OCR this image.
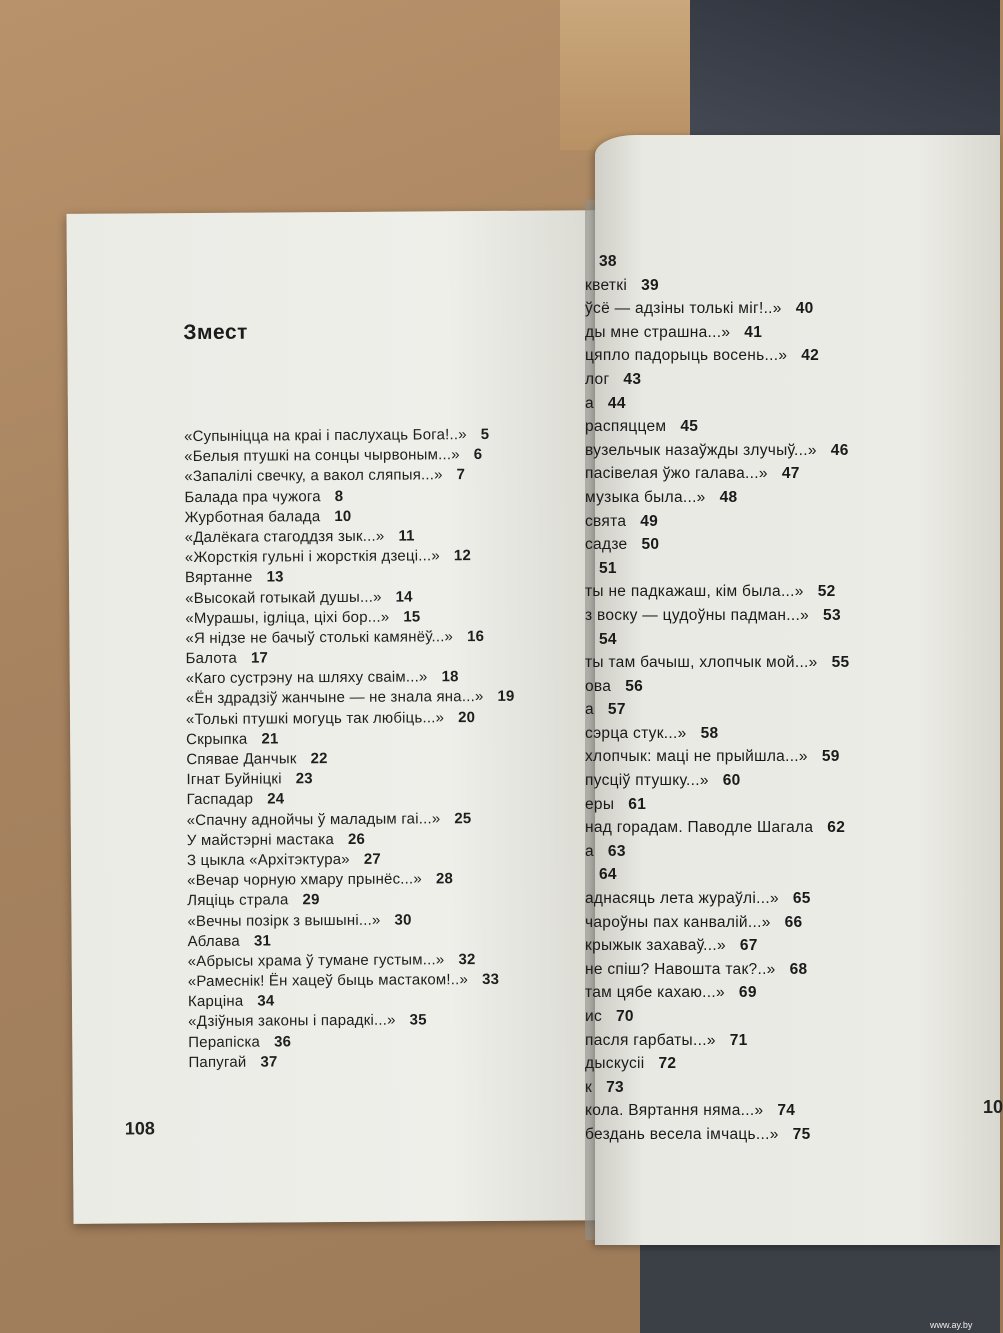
Змест
«Супыніцца на краі і паслухаць Бога!..» 5
«Белыя птушкі на сонцы чырвоным...» 6
«Запалілі свечку, а вакол сляпыя...» 7
Балада пра чужога 8
Журботная балада 10
«Далёкага стагоддзя зык...» 11
«Жорсткія гульні і жорсткія дзеці...» 12
Вяртанне 13
«Высокай готыкай душы...» 14
«Мурашы, igліца, ціхі бор...» 15
«Я нідзе не бачыў столькі камянёў...» 16
Балота 17
«Каго сустрэну на шляху сваім...» 18
«Ён здрадзіў жанчыне — не знала яна...» 19
«Толькі птушкі могуць так любіць...» 20
Скрыпка 21
Спявае Данчык 22
Ігнат Буйніцкі 23
Гаспадар 24
«Спачну аднойчы ў маладым гаі...» 25
У майстэрні мастака 26
З цыкла «Архітэктура» 27
«Вечар чорную хмару прынёс...» 28
Ляціць страла 29
«Вечны позірк з вышыні...» 30
Аблава 31
«Абрысы храма ў тумане густым...» 32
«Рамеснік! Ён хацеў быць мастаком!..» 33
Карціна 34
«Дзіўныя законы і парадкі...» 35
Перапіска 36
Папугай 37
108
38
кветкі 39
ўсё — адзіны толькі міг!..» 40
ды мне страшна...» 41
цяпло падорыць восень...» 42
лог 43
а 44
распяццем 45
вузельчык назаўжды злучыў...» 46
пасівелая ўжо галава...» 47
музыка была...» 48
свята 49
садзе 50
51
ты не падкажаш, кім была...» 52
з воску — цудоўны падман...» 53
54
ты там бачыш, хлопчык мой...» 55
ова 56
а 57
сэрца стук...» 58
хлопчык: маці не прыйшла...» 59
пусціў птушку...» 60
еры 61
над горадам. Паводле Шагала 62
а 63
64
аднасяць лета жураўлі...» 65
чароўны пах канвалій...» 66
крыжык захаваў...» 67
не спіш? Навошта так?..» 68
там цябе кахаю...» 69
ис 70
пасля гарбаты...» 71
дыскусіі 72
к 73
кола. Вяртання няма...» 74
бездань весела імчаць...» 75
10
www.ay.by
